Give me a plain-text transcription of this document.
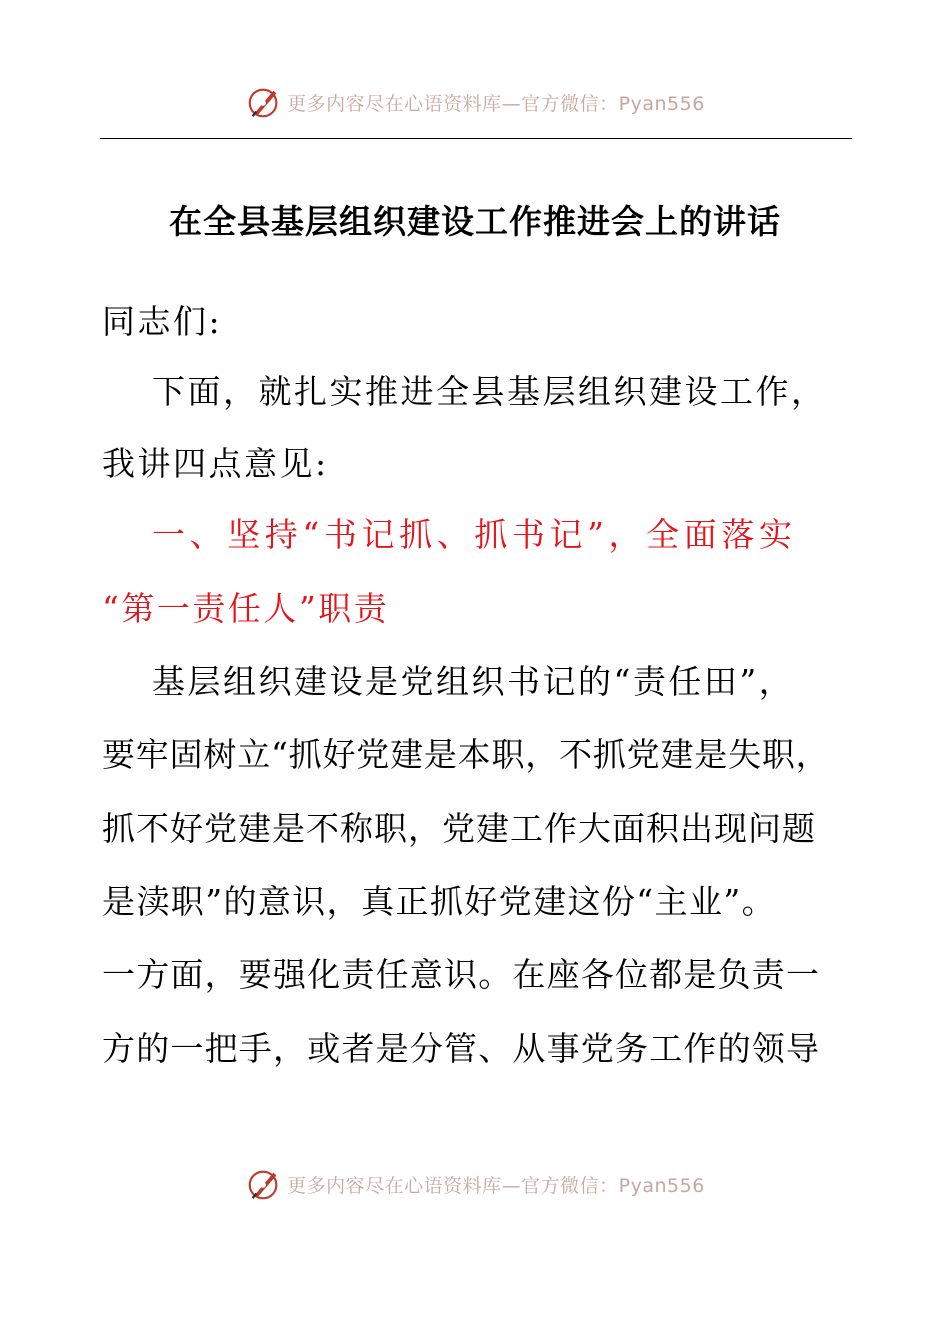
更多内容尽在心语资料库—官方微信：Pyan556
在全县基层组织建设工作推进会上的讲话
同志们:
下面，就扎实推进全县基层组织建设工作，
我讲四点意见:
一、坚持“书记抓、抓书记”，全面落实
“第一责任人”职责
基层组织建设是党组织书记的“责任田”，
要牢固树立“抓好党建是本职，不抓党建是失职，
抓不好党建是不称职，党建工作大面积出现问题
是渎职”的意识，真正抓好党建这份“主业”。
一方面，要强化责任意识。在座各位都是负责一
方的一把手，或者是分管、从事党务工作的领导
更多内容尽在心语资料库—官方微信：Pyan556
